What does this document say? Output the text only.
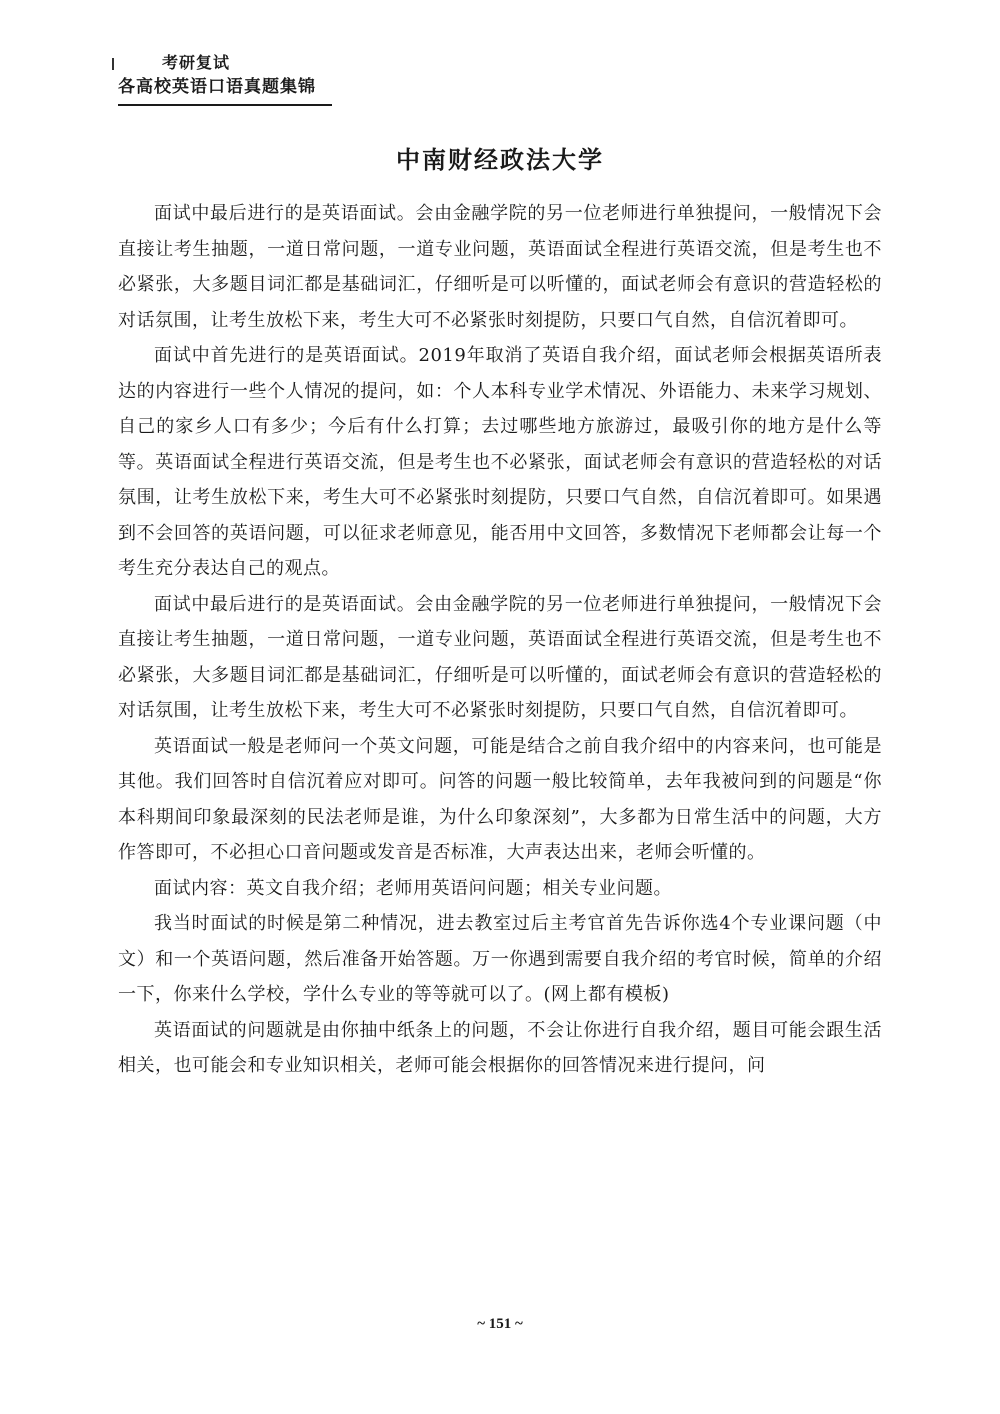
考研复试
各高校英语口语真题集锦
中南财经政法大学

面试中最后进行的是英语面试。会由金融学院的另一位老师进行单独提问，一般情况下会直接让考生抽题，一道日常问题，一道专业问题，英语面试全程进行英语交流，但是考生也不必紧张，大多题目词汇都是基础词汇，仔细听是可以听懂的，面试老师会有意识的营造轻松的对话氛围，让考生放松下来，考生大可不必紧张时刻提防，只要口气自然，自信沉着即可。

面试中首先进行的是英语面试。2019年取消了英语自我介绍，面试老师会根据英语所表达的内容进行一些个人情况的提问，如：个人本科专业学术情况、外语能力、未来学习规划、自己的家乡人口有多少；今后有什么打算；去过哪些地方旅游过，最吸引你的地方是什么等等。英语面试全程进行英语交流，但是考生也不必紧张，面试老师会有意识的营造轻松的对话氛围，让考生放松下来，考生大可不必紧张时刻提防，只要口气自然，自信沉着即可。如果遇到不会回答的英语问题，可以征求老师意见，能否用中文回答，多数情况下老师都会让每一个考生充分表达自己的观点。

面试中最后进行的是英语面试。会由金融学院的另一位老师进行单独提问，一般情况下会直接让考生抽题，一道日常问题，一道专业问题，英语面试全程进行英语交流，但是考生也不必紧张，大多题目词汇都是基础词汇，仔细听是可以听懂的，面试老师会有意识的营造轻松的对话氛围，让考生放松下来，考生大可不必紧张时刻提防，只要口气自然，自信沉着即可。

英语面试一般是老师问一个英文问题，可能是结合之前自我介绍中的内容来问，也可能是其他。我们回答时自信沉着应对即可。问答的问题一般比较简单，去年我被问到的问题是“你本科期间印象最深刻的民法老师是谁，为什么印象深刻”，大多都为日常生活中的问题，大方作答即可，不必担心口音问题或发音是否标准，大声表达出来，老师会听懂的。

面试内容：英文自我介绍；老师用英语问问题；相关专业问题。

我当时面试的时候是第二种情况，进去教室过后主考官首先告诉你选4个专业课问题（中文）和一个英语问题，然后准备开始答题。万一你遇到需要自我介绍的考官时候，简单的介绍一下，你来什么学校，学什么专业的等等就可以了。(网上都有模板)

英语面试的问题就是由你抽中纸条上的问题，不会让你进行自我介绍，题目可能会跟生活相关，也可能会和专业知识相关，老师可能会根据你的回答情况来进行提问，问

~ 151 ~
